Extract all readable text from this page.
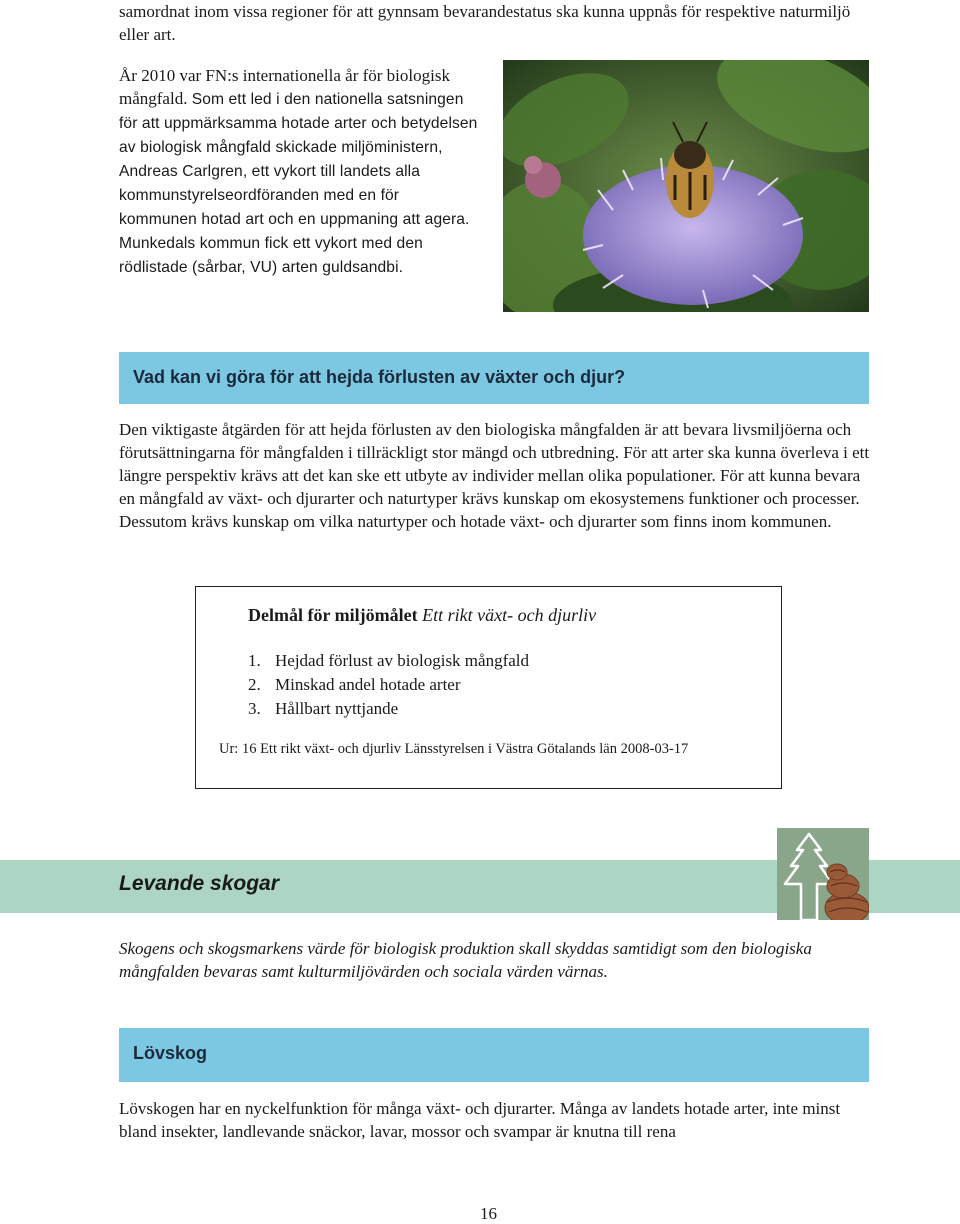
samordnat inom vissa regioner för att gynnsam bevarandestatus ska kunna uppnås för respektive naturmiljö eller art.

År 2010 var FN:s internationella år för biologisk mångfald. Som ett led i den nationella satsningen för att uppmärksamma hotade arter och betydelsen av biologisk mångfald skickade miljöministern, Andreas Carlgren, ett vykort till landets alla kommunstyrelseordföranden med en för kommunen hotad art och en uppmaning att agera. Munkedals kommun fick ett vykort med den rödlistade (sårbar, VU) arten guldsandbi.

Vad kan vi göra för att hejda förlusten av växter och djur?

Den viktigaste åtgärden för att hejda förlusten av den biologiska mångfalden är att bevara livsmiljöerna och förutsättningarna för mångfalden i tillräckligt stor mängd och utbredning. För att arter ska kunna överleva i ett längre perspektiv krävs att det kan ske ett utbyte av individer mellan olika populationer. För att kunna bevara en mångfald av växt- och djurarter och naturtyper krävs kunskap om ekosystemens funktioner och processer. Dessutom krävs kunskap om vilka naturtyper och hotade växt- och djurarter som finns inom kommunen.

Delmål för miljömålet Ett rikt växt- och djurliv

1. Hejdad förlust av biologisk mångfald
2. Minskad andel hotade arter
3. Hållbart nyttjande

Ur: 16 Ett rikt växt- och djurliv Länsstyrelsen i Västra Götalands län 2008-03-17

Levande skogar

Skogens och skogsmarkens värde för biologisk produktion skall skyddas samtidigt som den biologiska mångfalden bevaras samt kulturmiljövärden och sociala värden värnas.

Lövskog

Lövskogen har en nyckelfunktion för många växt- och djurarter. Många av landets hotade arter, inte minst bland insekter, landlevande snäckor, lavar, mossor och svampar är knutna till rena

16
